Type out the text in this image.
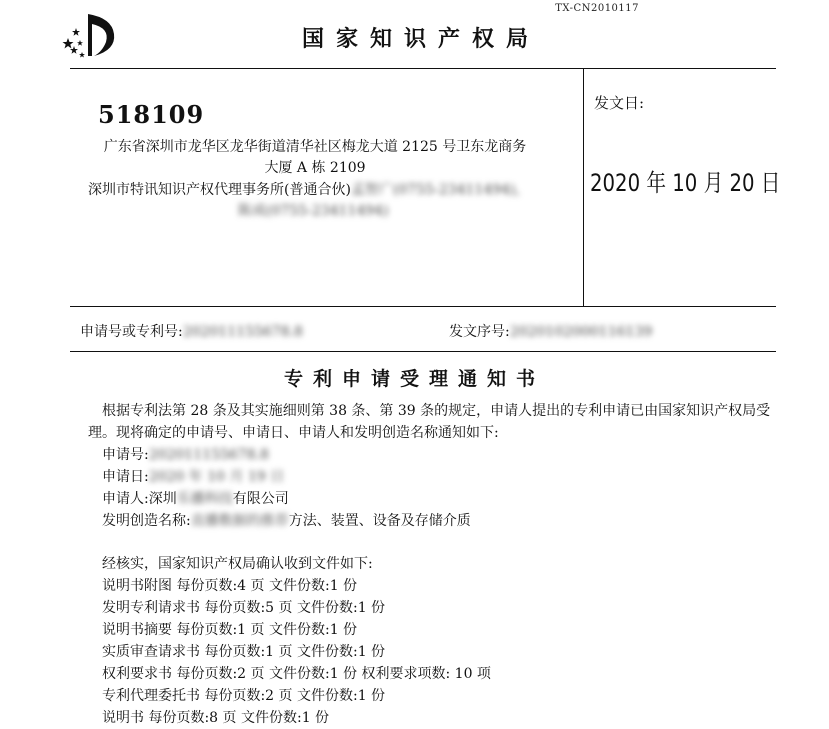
TX-CN2010117
国家知识产权局
518109
广东省深圳市龙华区龙华街道清华社区梅龙大道 2125 号卫东龙商务
大厦 A 栋 2109
深圳市特讯知识产权代理事务所(普通合伙)孟智广(0755-23411494),
陈成(0755-23411494)
发文日:
2020 年 10 月 20 日
申请号或专利号:202011155678.8	发文序号:2020102000116139
专利申请受理通知书
根据专利法第 28 条及其实施细则第 38 条、第 39 条的规定，申请人提出的专利申请已由国家知识产权局受理。现将确定的申请号、申请日、申请人和发明创造名称通知如下:
申请号:202011155678.8
申请日:2020 年 10 月 19 日
申请人:深圳乐播科技有限公司
发明创造名称:直播数据的推荐方法、装置、设备及存储介质
经核实，国家知识产权局确认收到文件如下:
说明书附图 每份页数:4 页 文件份数:1 份
发明专利请求书 每份页数:5 页 文件份数:1 份
说明书摘要 每份页数:1 页 文件份数:1 份
实质审查请求书 每份页数:1 页 文件份数:1 份
权利要求书 每份页数:2 页 文件份数:1 份 权利要求项数: 10 项
专利代理委托书 每份页数:2 页 文件份数:1 份
说明书 每份页数:8 页 文件份数:1 份
